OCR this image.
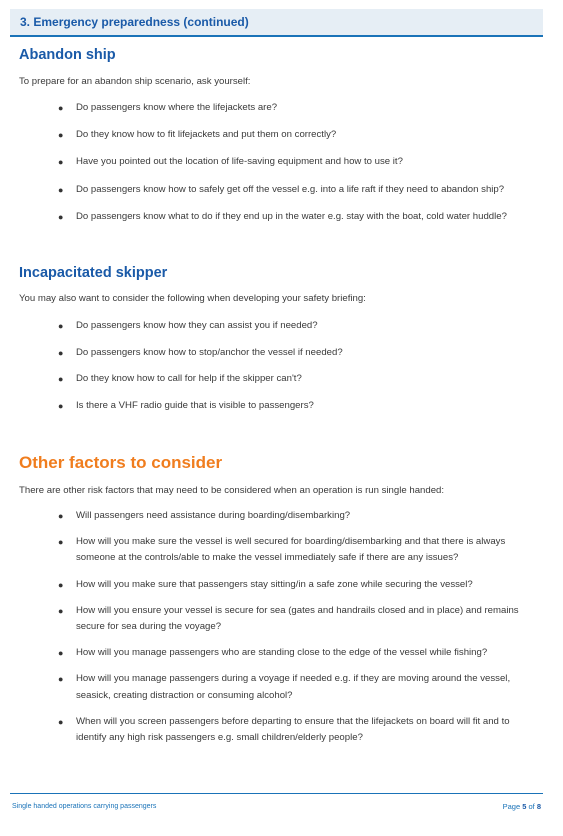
3. Emergency preparedness (continued)
Abandon ship
To prepare for an abandon ship scenario, ask yourself:
● Do passengers know where the lifejackets are?
● Do they know how to fit lifejackets and put them on correctly?
● Have you pointed out the location of life-saving equipment and how to use it?
● Do passengers know how to safely get off the vessel e.g. into a life raft if they need to abandon ship?
● Do passengers know what to do if they end up in the water e.g. stay with the boat, cold water huddle?
Incapacitated skipper
You may also want to consider the following when developing your safety briefing:
● Do passengers know how they can assist you if needed?
● Do passengers know how to stop/anchor the vessel if needed?
● Do they know how to call for help if the skipper can't?
● Is there a VHF radio guide that is visible to passengers?
Other factors to consider
There are other risk factors that may need to be considered when an operation is run single handed:
● Will passengers need assistance during boarding/disembarking?
● How will you make sure the vessel is well secured for boarding/disembarking and that there is always someone at the controls/able to make the vessel immediately safe if there are any issues?
● How will you make sure that passengers stay sitting/in a safe zone while securing the vessel?
● How will you ensure your vessel is secure for sea (gates and handrails closed and in place) and remains secure for sea during the voyage?
● How will you manage passengers who are standing close to the edge of the vessel while fishing?
● How will you manage passengers during a voyage if needed e.g. if they are moving around the vessel, seasick, creating distraction or consuming alcohol?
● When will you screen passengers before departing to ensure that the lifejackets on board will fit and to identify any high risk passengers e.g. small children/elderly people?
Single handed operations carrying passengers	Page 5 of 8
